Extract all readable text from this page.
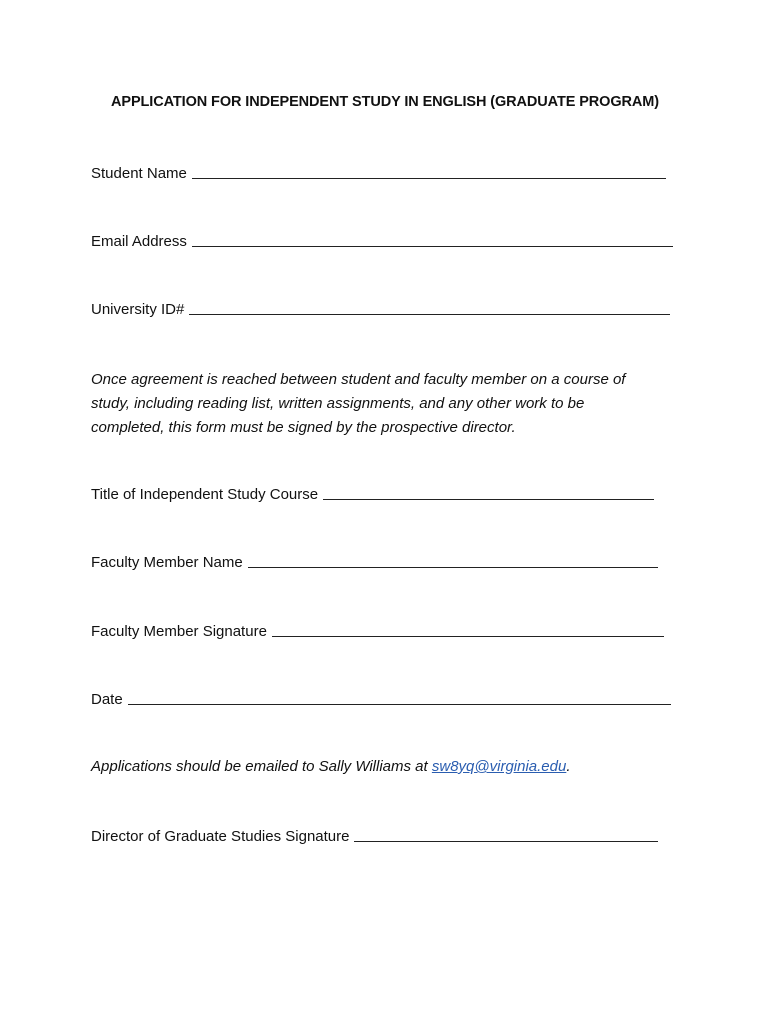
APPLICATION FOR INDEPENDENT STUDY IN ENGLISH (GRADUATE PROGRAM)
Student Name
Email Address
University ID#
Once agreement is reached between student and faculty member on a course of
study, including reading list, written assignments, and any other work to be
completed, this form must be signed by the prospective director.
Title of Independent Study Course
Faculty Member Name
Faculty Member Signature
Date
Applications should be emailed to Sally Williams at sw8yq@virginia.edu.
Director of Graduate Studies Signature
